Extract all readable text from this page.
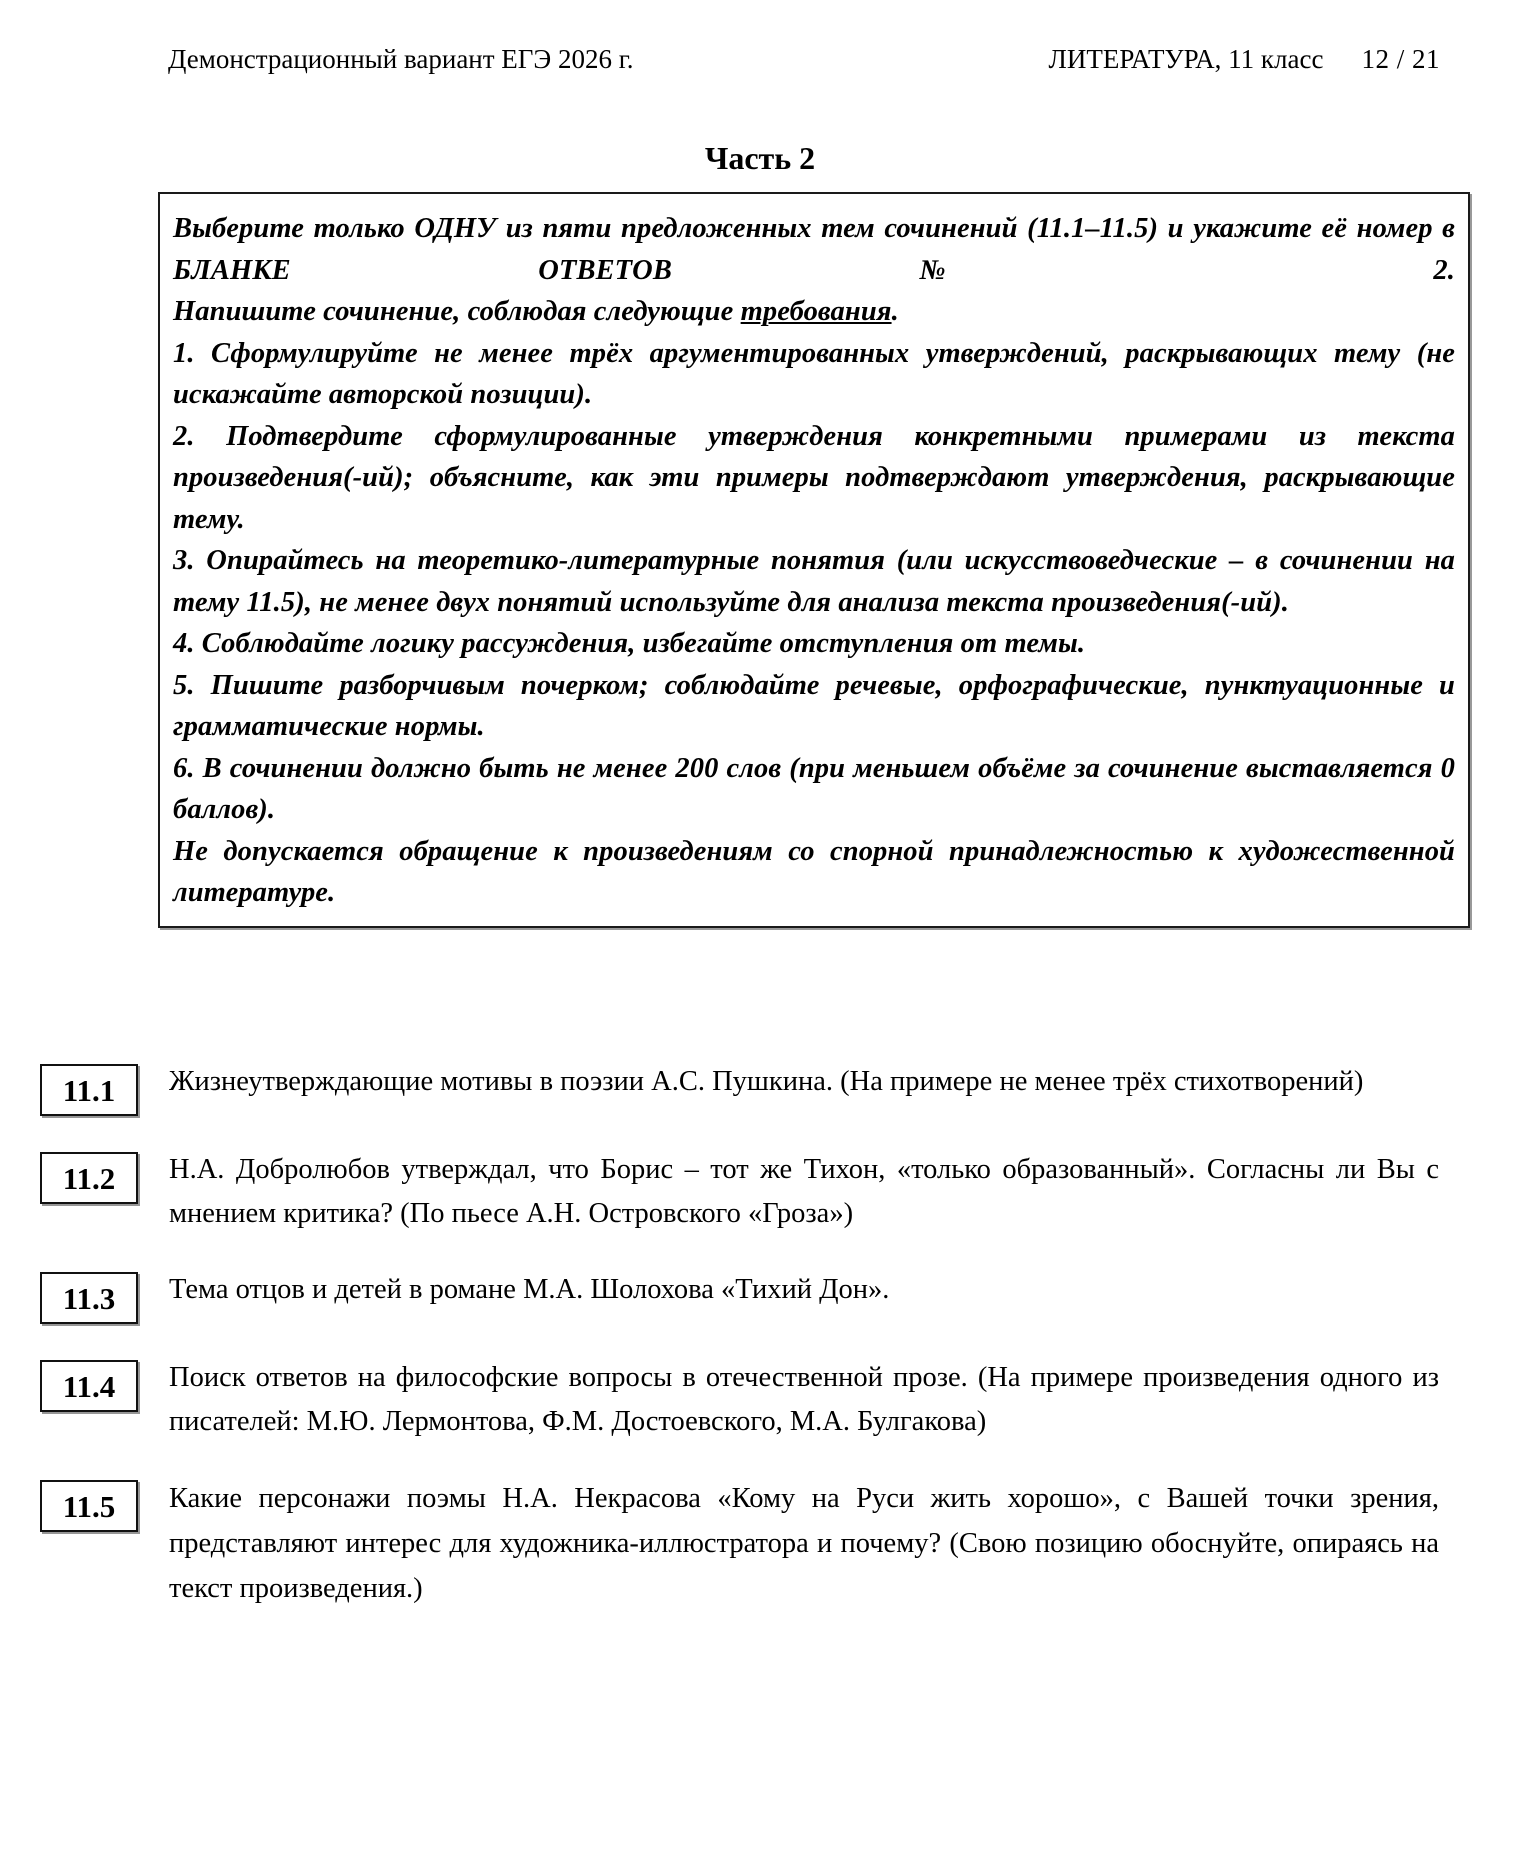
Демонстрационный вариант ЕГЭ 2026 г.	ЛИТЕРАТУРА, 11 класс 12 / 21
Часть 2

Выберите только ОДНУ из пяти предложенных тем сочинений (11.1–11.5) и укажите её номер в БЛАНКЕ ОТВЕТОВ № 2.

Напишите сочинение, соблюдая следующие требования.

1. Сформулируйте не менее трёх аргументированных утверждений, раскрывающих тему (не искажайте авторской позиции).

2. Подтвердите сформулированные утверждения конкретными примерами из текста произведения(-ий); объясните, как эти примеры подтверждают утверждения, раскрывающие тему.

3. Опирайтесь на теоретико-литературные понятия (или искусствоведческие – в сочинении на тему 11.5), не менее двух понятий используйте для анализа текста произведения(-ий).

4. Соблюдайте логику рассуждения, избегайте отступления от темы.

5. Пишите разборчивым почерком; соблюдайте речевые, орфографические, пунктуационные и грамматические нормы.

6. В сочинении должно быть не менее 200 слов (при меньшем объёме за сочинение выставляется 0 баллов).

Не допускается обращение к произведениям со спорной принадлежностью к художественной литературе.

11.1	Жизнеутверждающие мотивы в поэзии А.С. Пушкина. (На примере не менее трёх стихотворений)
11.2	Н.А. Добролюбов утверждал, что Борис – тот же Тихон, «только образованный». Согласны ли Вы с мнением критика? (По пьесе А.Н. Островского «Гроза»)
11.3	Тема отцов и детей в романе М.А. Шолохова «Тихий Дон».
11.4	Поиск ответов на философские вопросы в отечественной прозе. (На примере произведения одного из писателей: М.Ю. Лермонтова, Ф.М. Достоевского, М.А. Булгакова)
11.5	Какие персонажи поэмы Н.А. Некрасова «Кому на Руси жить хорошо», с Вашей точки зрения, представляют интерес для художника-иллюстратора и почему? (Свою позицию обоснуйте, опираясь на текст произведения.)
